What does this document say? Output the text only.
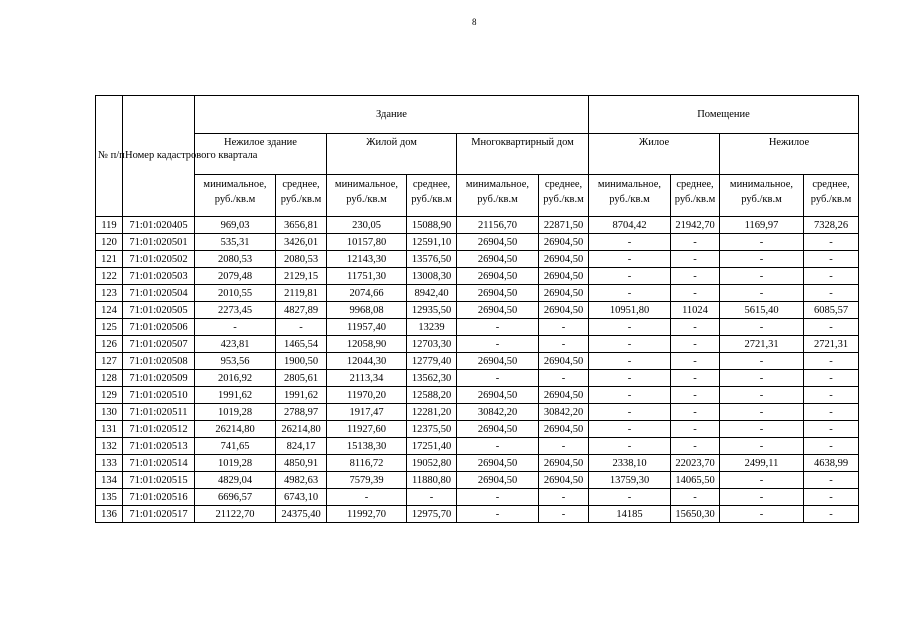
8
№ п/п	Номер кадастрового квартала	Здание						Помещение			
		Нежилое здание		Жилой дом		Многоквартирный дом		Жилое		Нежилое	
		минимальное, руб./кв.м	среднее, руб./кв.м	минимальное, руб./кв.м	среднее, руб./кв.м	минимальное, руб./кв.м	среднее, руб./кв.м	минимальное, руб./кв.м	среднее, руб./кв.м	минимальное, руб./кв.м	среднее, руб./кв.м
119	71:01:020405	969,03	3656,81	230,05	15088,90	21156,70	22871,50	8704,42	21942,70	1169,97	7328,26
120	71:01:020501	535,31	3426,01	10157,80	12591,10	26904,50	26904,50	-	-	-	-
121	71:01:020502	2080,53	2080,53	12143,30	13576,50	26904,50	26904,50	-	-	-	-
122	71:01:020503	2079,48	2129,15	11751,30	13008,30	26904,50	26904,50	-	-	-	-
123	71:01:020504	2010,55	2119,81	2074,66	8942,40	26904,50	26904,50	-	-	-	-
124	71:01:020505	2273,45	4827,89	9968,08	12935,50	26904,50	26904,50	10951,80	11024	5615,40	6085,57
125	71:01:020506	-	-	11957,40	13239	-	-	-	-	-	-
126	71:01:020507	423,81	1465,54	12058,90	12703,30	-	-	-	-	2721,31	2721,31
127	71:01:020508	953,56	1900,50	12044,30	12779,40	26904,50	26904,50	-	-	-	-
128	71:01:020509	2016,92	2805,61	2113,34	13562,30	-	-	-	-	-	-
129	71:01:020510	1991,62	1991,62	11970,20	12588,20	26904,50	26904,50	-	-	-	-
130	71:01:020511	1019,28	2788,97	1917,47	12281,20	30842,20	30842,20	-	-	-	-
131	71:01:020512	26214,80	26214,80	11927,60	12375,50	26904,50	26904,50	-	-	-	-
132	71:01:020513	741,65	824,17	15138,30	17251,40	-	-	-	-	-	-
133	71:01:020514	1019,28	4850,91	8116,72	19052,80	26904,50	26904,50	2338,10	22023,70	2499,11	4638,99
134	71:01:020515	4829,04	4982,63	7579,39	11880,80	26904,50	26904,50	13759,30	14065,50	-	-
135	71:01:020516	6696,57	6743,10	-	-	-	-	-	-	-	-
136	71:01:020517	21122,70	24375,40	11992,70	12975,70	-	-	14185	15650,30	-	-
